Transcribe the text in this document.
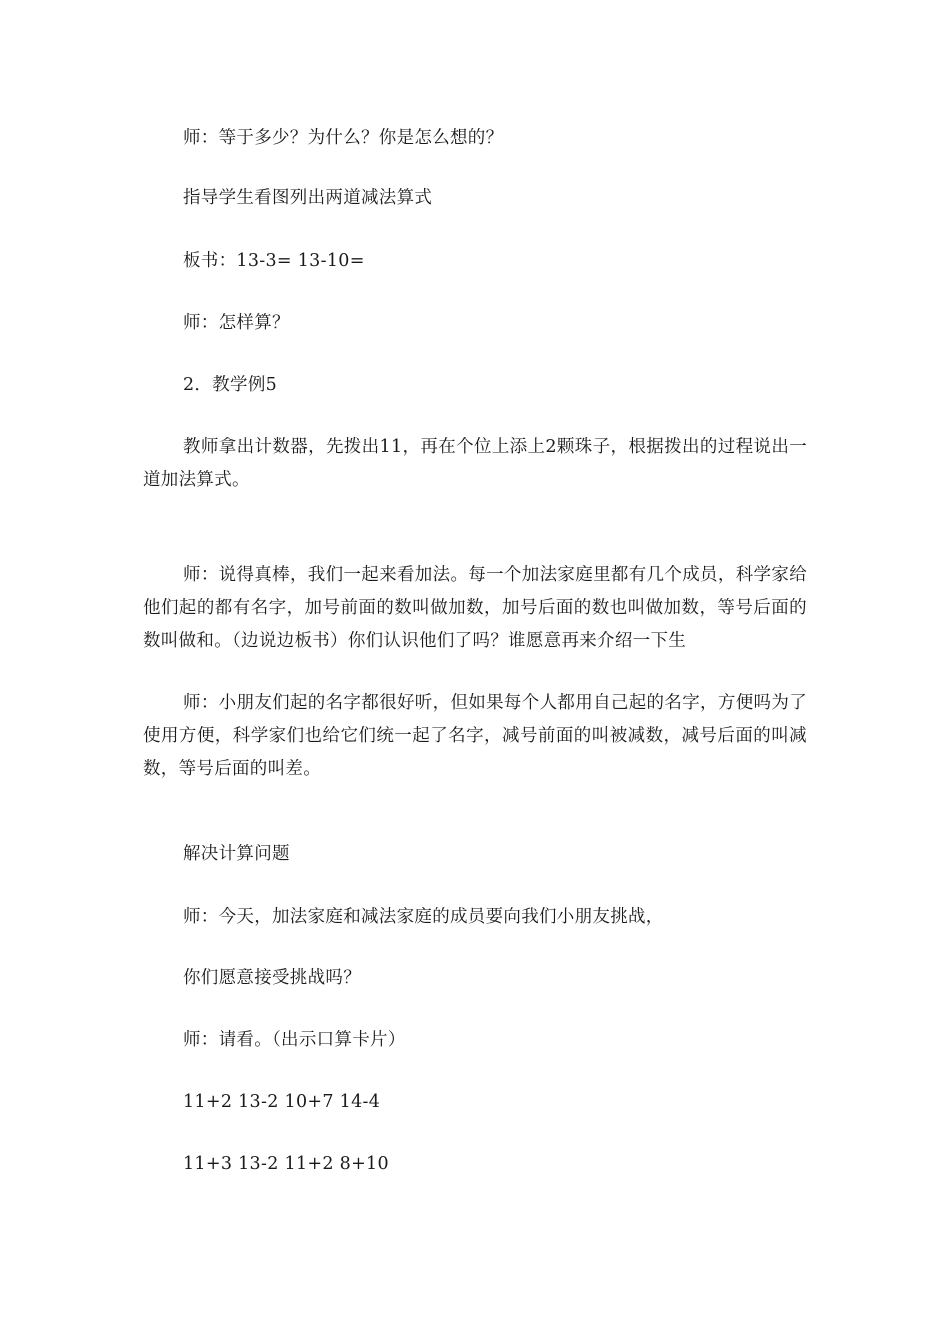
师：等于多少？为什么？你是怎么想的？

指导学生看图列出两道减法算式

板书：13-3= 13-10=

师：怎样算？

2．教学例5

教师拿出计数器，先拨出11，再在个位上添上2颗珠子，根据拨出的过程说出一道加法算式。

师：说得真棒，我们一起来看加法。每一个加法家庭里都有几个成员，科学家给他们起的都有名字，加号前面的数叫做加数，加号后面的数也叫做加数，等号后面的数叫做和。（边说边板书）你们认识他们了吗？谁愿意再来介绍一下生

师：小朋友们起的名字都很好听，但如果每个人都用自己起的名字，方便吗为了使用方便，科学家们也给它们统一起了名字，减号前面的叫被减数，减号后面的叫减数，等号后面的叫差。

解决计算问题

师：今天，加法家庭和减法家庭的成员要向我们小朋友挑战，

你们愿意接受挑战吗？

师：请看。（出示口算卡片）

11+2 13-2 10+7 14-4

11+3 13-2 11+2 8+10
